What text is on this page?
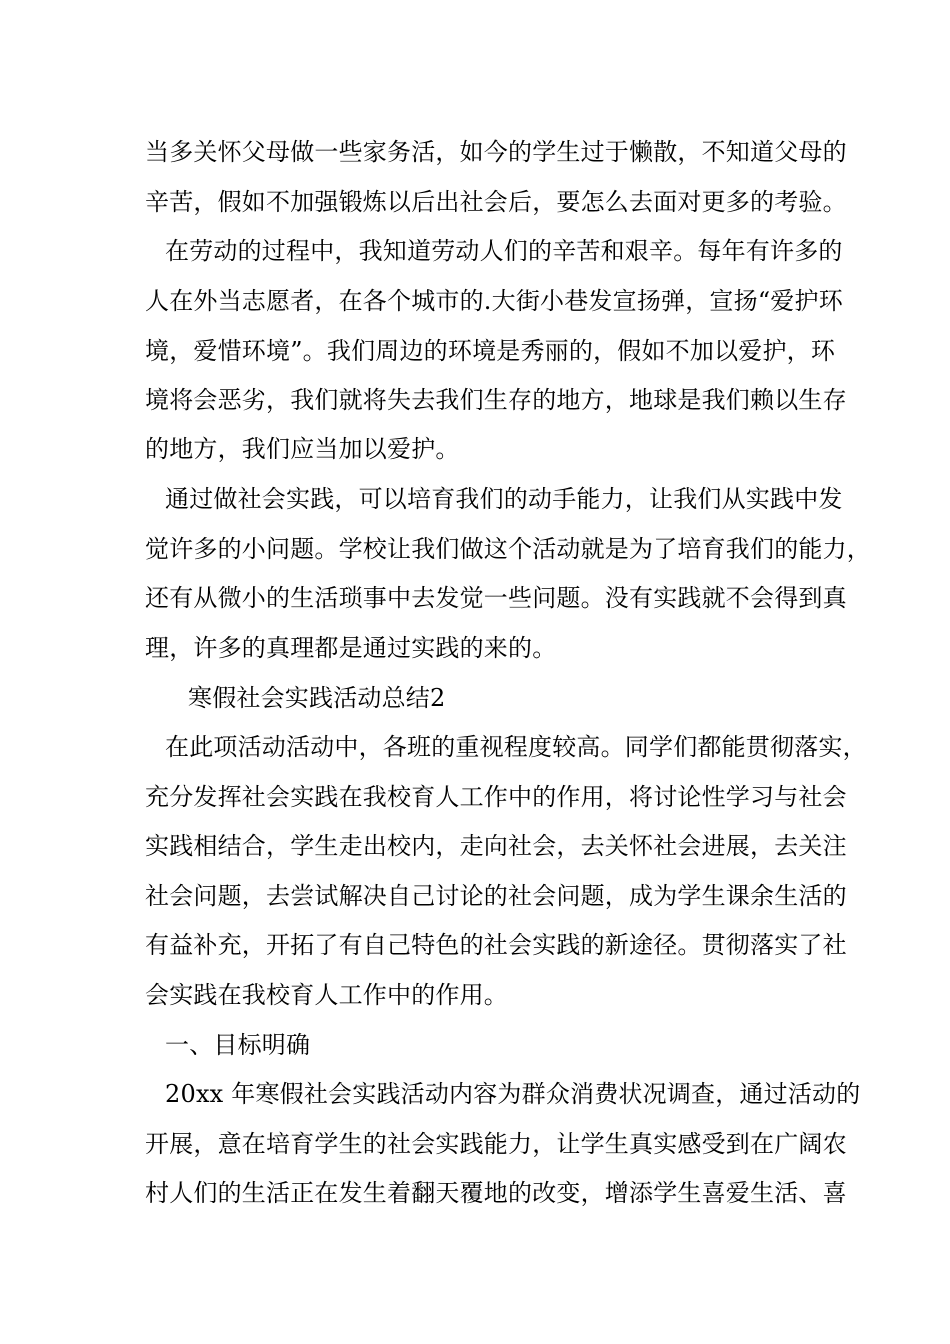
当多关怀父母做一些家务活，如今的学生过于懒散，不知道父母的
辛苦，假如不加强锻炼以后出社会后，要怎么去面对更多的考验。
在劳动的过程中，我知道劳动人们的辛苦和艰辛。每年有许多的
人在外当志愿者，在各个城市的.大街小巷发宣扬弹，宣扬“爱护环
境，爱惜环境”。我们周边的环境是秀丽的，假如不加以爱护，环
境将会恶劣，我们就将失去我们生存的地方，地球是我们赖以生存
的地方，我们应当加以爱护。
通过做社会实践，可以培育我们的动手能力，让我们从实践中发
觉许多的小问题。学校让我们做这个活动就是为了培育我们的能力，
还有从微小的生活琐事中去发觉一些问题。没有实践就不会得到真
理，许多的真理都是通过实践的来的。
寒假社会实践活动总结2
在此项活动活动中，各班的重视程度较高。同学们都能贯彻落实，
充分发挥社会实践在我校育人工作中的作用，将讨论性学习与社会
实践相结合，学生走出校内，走向社会，去关怀社会进展，去关注
社会问题，去尝试解决自己讨论的社会问题，成为学生课余生活的
有益补充，开拓了有自己特色的社会实践的新途径。贯彻落实了社
会实践在我校育人工作中的作用。
一、目标明确
20xx 年寒假社会实践活动内容为群众消费状况调查，通过活动的
开展，意在培育学生的社会实践能力，让学生真实感受到在广阔农
村人们的生活正在发生着翻天覆地的改变，增添学生喜爱生活、喜
